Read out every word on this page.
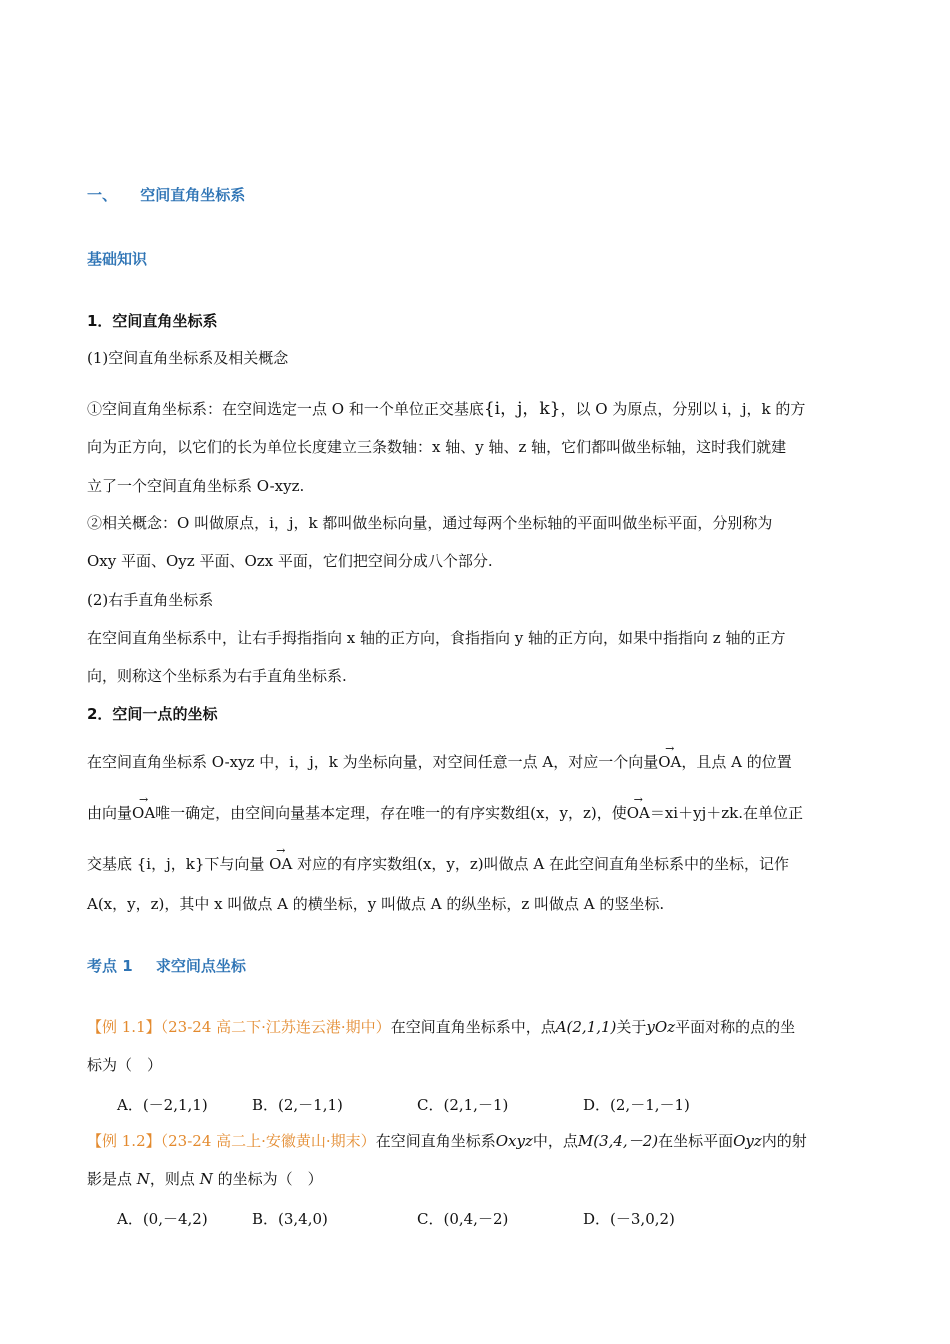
一、 空间直角坐标系
基础知识
1．空间直角坐标系
(1)空间直角坐标系及相关概念
①空间直角坐标系：在空间选定一点 O 和一个单位正交基底{i，j，k}，以 O 为原点，分别以 i，j，k 的方
向为正方向，以它们的长为单位长度建立三条数轴：x 轴、y 轴、z 轴，它们都叫做坐标轴，这时我们就建
立了一个空间直角坐标系 O-xyz.
②相关概念：O 叫做原点，i，j，k 都叫做坐标向量，通过每两个坐标轴的平面叫做坐标平面，分别称为
Oxy 平面、Oyz 平面、Ozx 平面，它们把空间分成八个部分.
(2)右手直角坐标系
在空间直角坐标系中，让右手拇指指向 x 轴的正方向，食指指向 y 轴的正方向，如果中指指向 z 轴的正方
向，则称这个坐标系为右手直角坐标系.
2．空间一点的坐标
在空间直角坐标系 O-xyz 中，i，j，k 为坐标向量，对空间任意一点 A，对应一个向量
→
OA，且点 A 的位置
由向量
→
OA唯一确定，由空间向量基本定理，存在唯一的有序实数组(x，y，z)，使
→
OA＝xi＋yj＋zk.在单位正
交基底 {i，j，k}下与向量
→
OA 对应的有序实数组(x，y，z)叫做点 A 在此空间直角坐标系中的坐标，记作
A(x，y，z)，其中 x 叫做点 A 的横坐标，y 叫做点 A 的纵坐标，z 叫做点 A 的竖坐标.
考点 1 求空间点坐标
【例 1.1】（23-24 高二下·江苏连云港·期中）在空间直角坐标系中，点A(2,1,1)关于yOz平面对称的点的坐
标为（　）
A．(－2,1,1)	B．(2,－1,1)	C．(2,1,－1)	D．(2,－1,－1)
【例 1.2】（23-24 高二上·安徽黄山·期末）在空间直角坐标系Oxyz中，点M(3,4,－2)在坐标平面Oyz内的射
影是点 N，则点 N 的坐标为（　）
A．(0,－4,2)	B．(3,4,0)	C．(0,4,－2)	D．(－3,0,2)
